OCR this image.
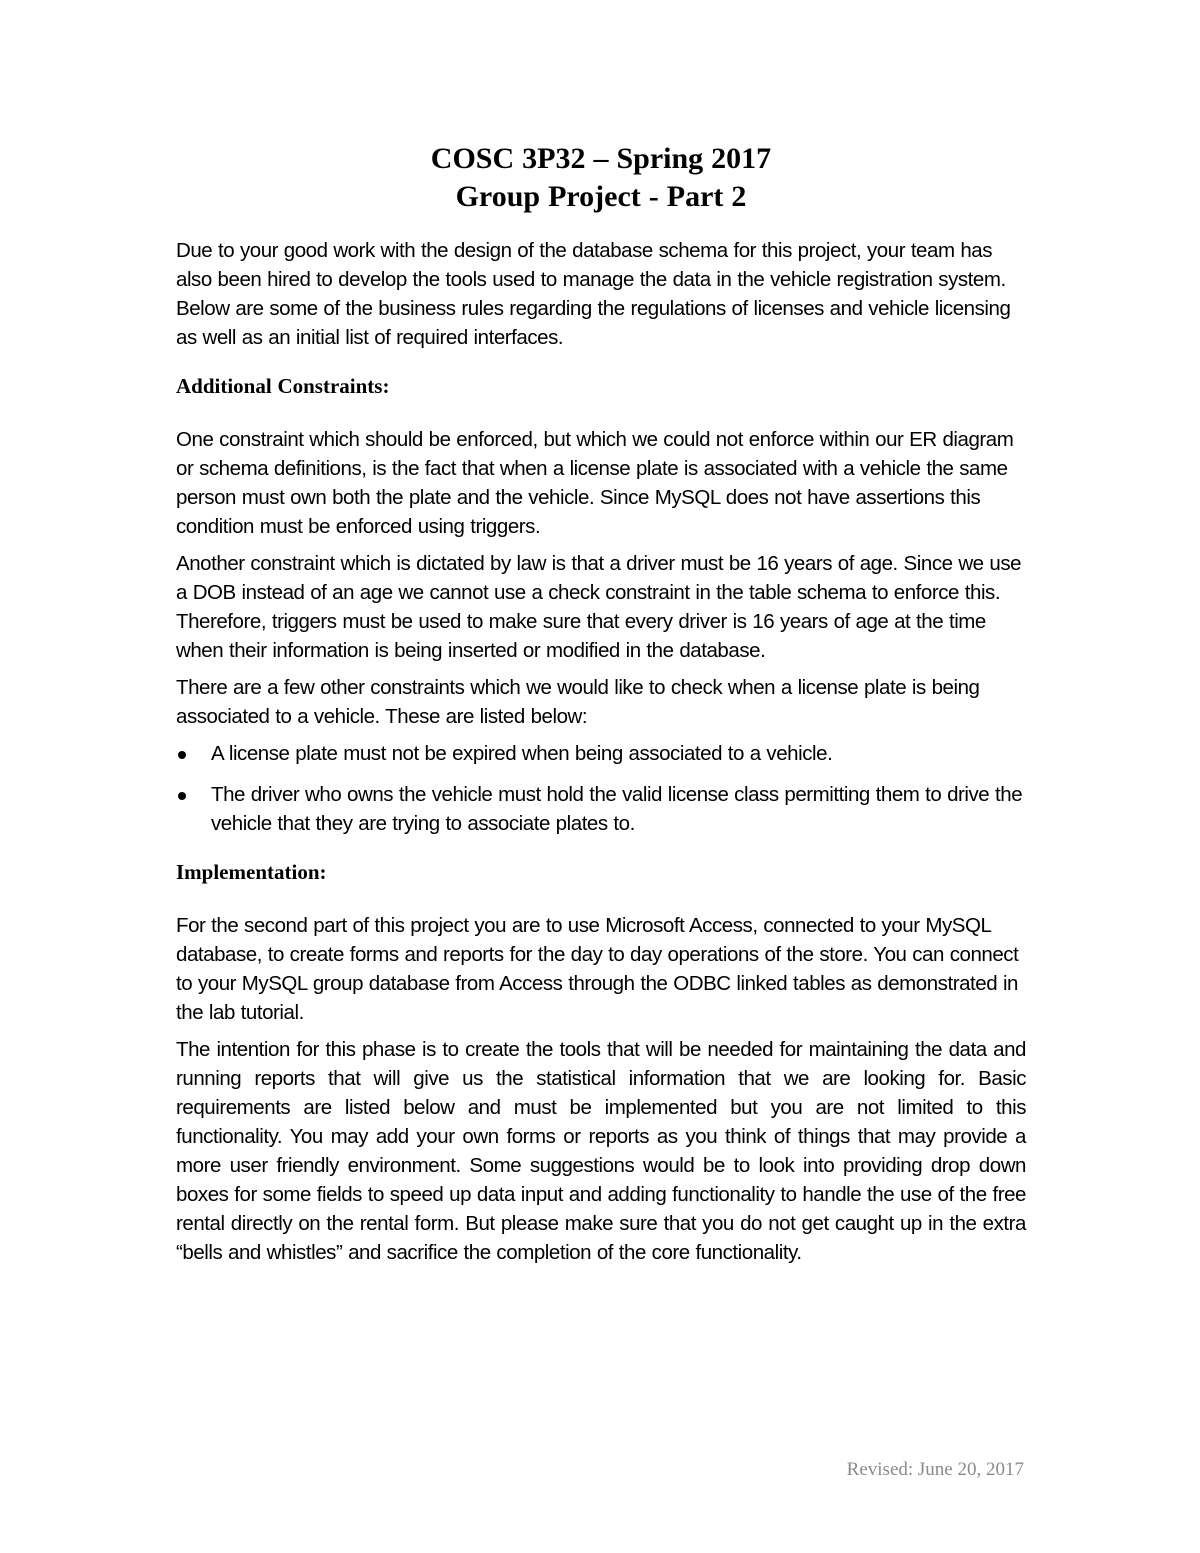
COSC 3P32 – Spring 2017
Group Project - Part 2

Due to your good work with the design of the database schema for this project, your team has also been hired to develop the tools used to manage the data in the vehicle registration system. Below are some of the business rules regarding the regulations of licenses and vehicle licensing as well as an initial list of required interfaces.

Additional Constraints:

One constraint which should be enforced, but which we could not enforce within our ER diagram or schema definitions, is the fact that when a license plate is associated with a vehicle the same person must own both the plate and the vehicle. Since MySQL does not have assertions this condition must be enforced using triggers.

Another constraint which is dictated by law is that a driver must be 16 years of age. Since we use a DOB instead of an age we cannot use a check constraint in the table schema to enforce this. Therefore, triggers must be used to make sure that every driver is 16 years of age at the time when their information is being inserted or modified in the database.

There are a few other constraints which we would like to check when a license plate is being associated to a vehicle. These are listed below:

A license plate must not be expired when being associated to a vehicle.
The driver who owns the vehicle must hold the valid license class permitting them to drive the vehicle that they are trying to associate plates to.
Implementation:

For the second part of this project you are to use Microsoft Access, connected to your MySQL database, to create forms and reports for the day to day operations of the store. You can connect to your MySQL group database from Access through the ODBC linked tables as demonstrated in the lab tutorial.

The intention for this phase is to create the tools that will be needed for maintaining the data and running reports that will give us the statistical information that we are looking for. Basic requirements are listed below and must be implemented but you are not limited to this functionality. You may add your own forms or reports as you think of things that may provide a more user friendly environment. Some suggestions would be to look into providing drop down boxes for some fields to speed up data input and adding functionality to handle the use of the free rental directly on the rental form. But please make sure that you do not get caught up in the extra “bells and whistles” and sacrifice the completion of the core functionality.

Revised: June 20, 2017
